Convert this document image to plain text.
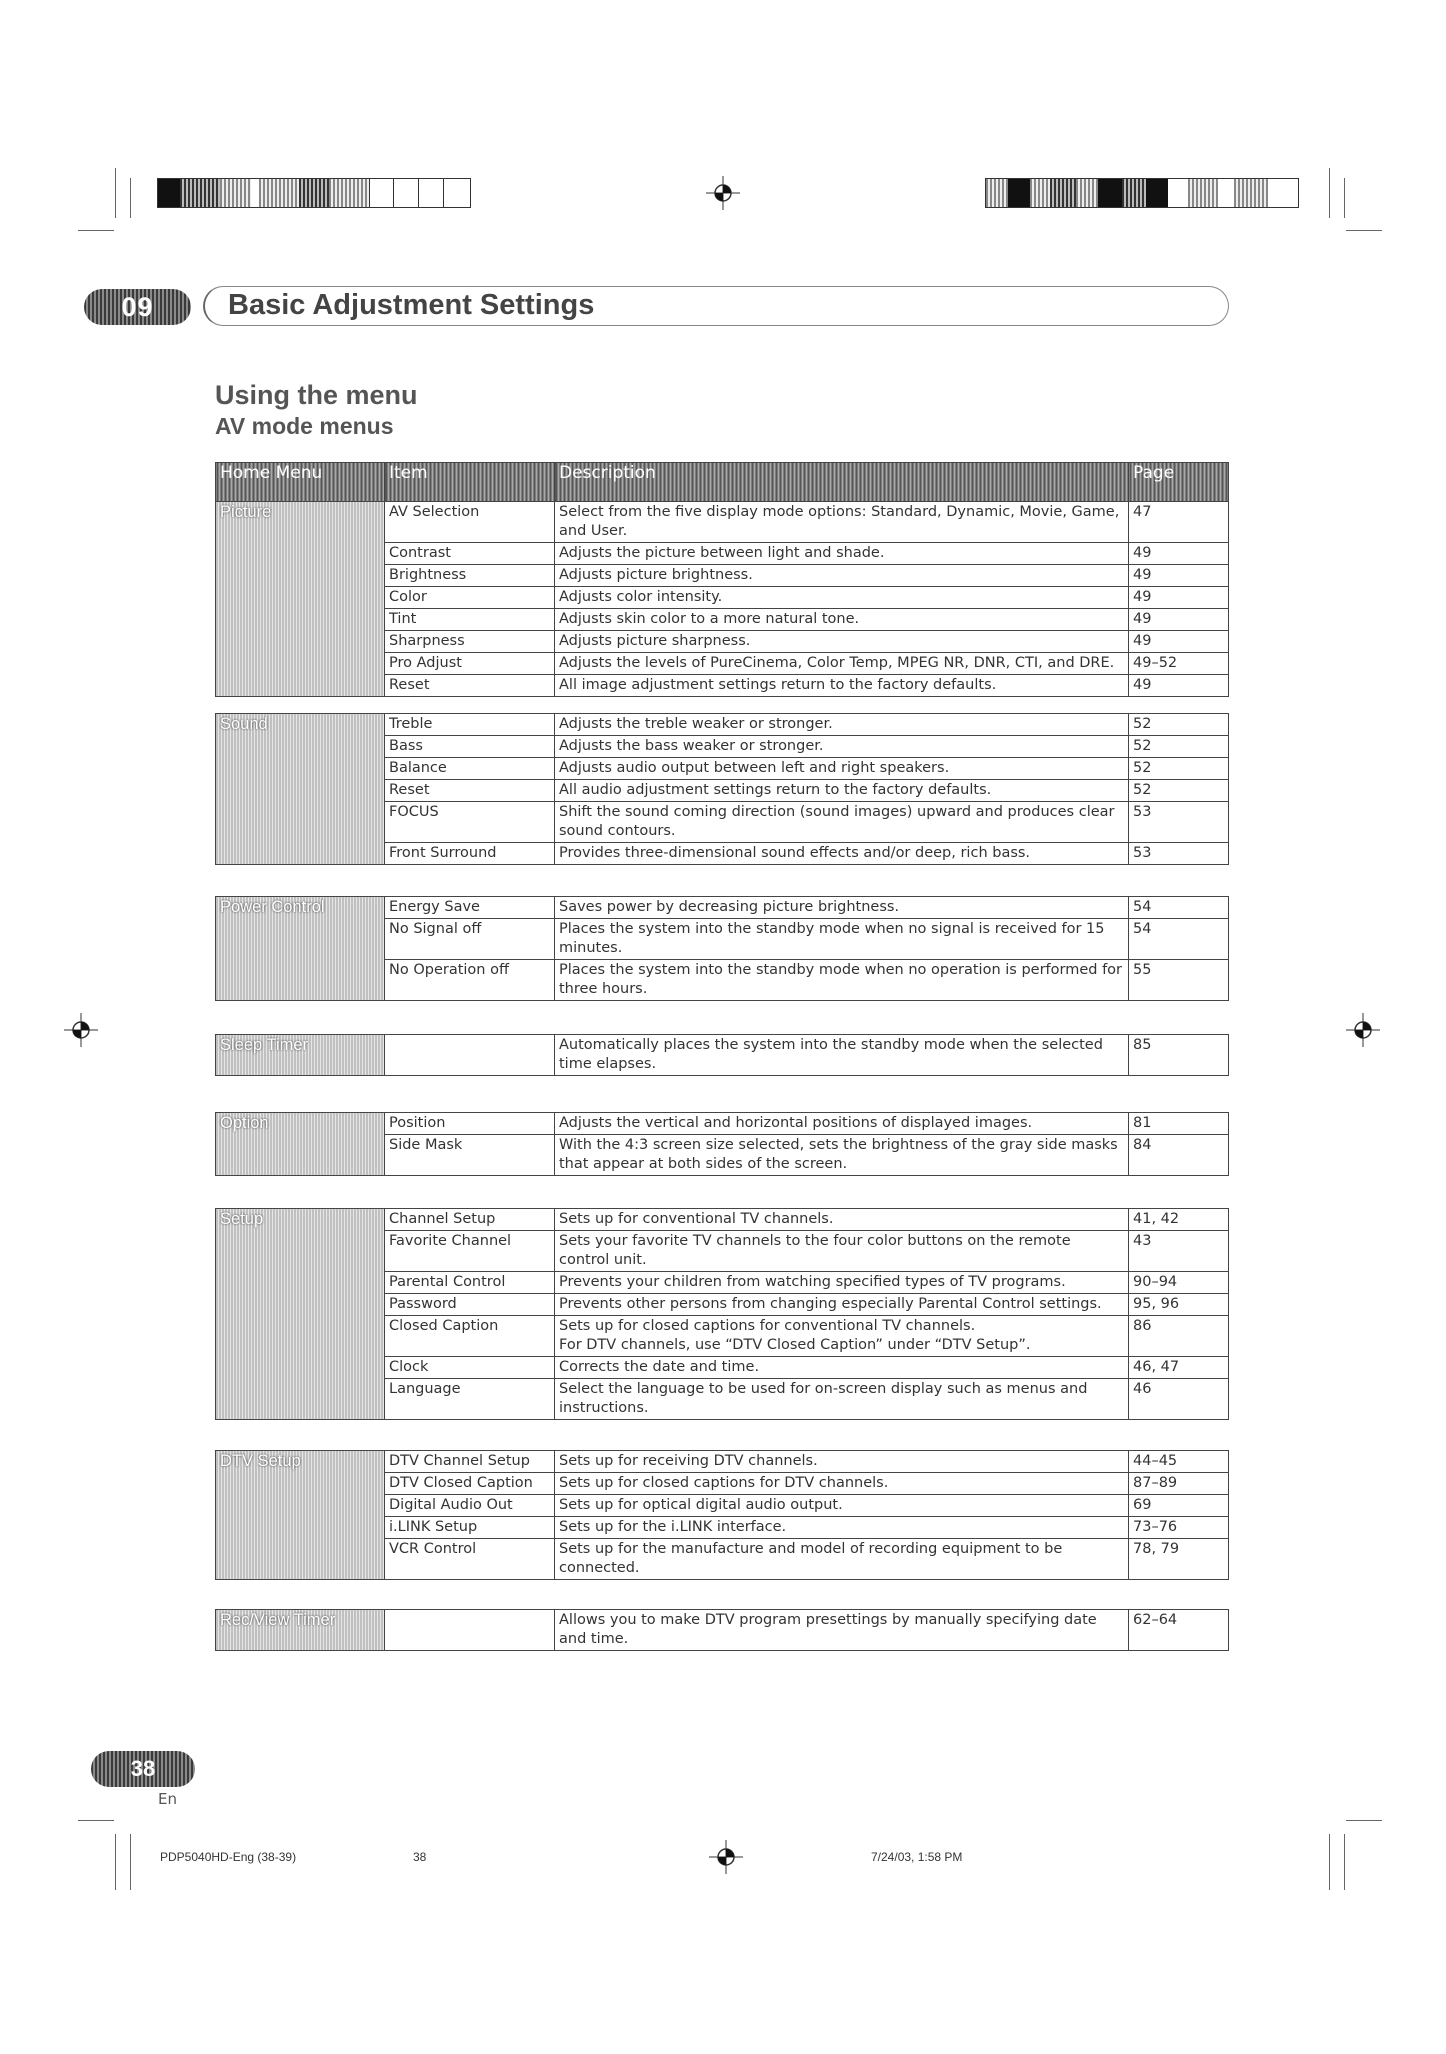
09	Basic Adjustment Settings
Using the menu
AV mode menus
Home Menu	Item	Description	Page
Picture	AV Selection	Select from the five display mode options: Standard, Dynamic, Movie, Game, and User.	47
	Contrast	Adjusts the picture between light and shade.	49
	Brightness	Adjusts picture brightness.	49
	Color	Adjusts color intensity.	49
	Tint	Adjusts skin color to a more natural tone.	49
	Sharpness	Adjusts picture sharpness.	49
	Pro Adjust	Adjusts the levels of PureCinema, Color Temp, MPEG NR, DNR, CTI, and DRE.	49–52
	Reset	All image adjustment settings return to the factory defaults.	49
Sound	Treble	Adjusts the treble weaker or stronger.	52
	Bass	Adjusts the bass weaker or stronger.	52
	Balance	Adjusts audio output between left and right speakers.	52
	Reset	All audio adjustment settings return to the factory defaults.	52
	FOCUS	Shift the sound coming direction (sound images) upward and produces clear sound contours.	53
	Front Surround	Provides three-dimensional sound effects and/or deep, rich bass.	53
Power Control	Energy Save	Saves power by decreasing picture brightness.	54
	No Signal off	Places the system into the standby mode when no signal is received for 15 minutes.	54
	No Operation off	Places the system into the standby mode when no operation is performed for three hours.	55
Sleep Timer		Automatically places the system into the standby mode when the selected time elapses.	85
Option	Position	Adjusts the vertical and horizontal positions of displayed images.	81
	Side Mask	With the 4:3 screen size selected, sets the brightness of the gray side masks that appear at both sides of the screen.	84
Setup	Channel Setup	Sets up for conventional TV channels.	41, 42
	Favorite Channel	Sets your favorite TV channels to the four color buttons on the remote control unit.	43
	Parental Control	Prevents your children from watching specified types of TV programs.	90–94
	Password	Prevents other persons from changing especially Parental Control settings.	95, 96
	Closed Caption	Sets up for closed captions for conventional TV channels.
For DTV channels, use “DTV Closed Caption” under “DTV Setup”.	86
	Clock	Corrects the date and time.	46, 47
	Language	Select the language to be used for on-screen display such as menus and instructions.	46
DTV Setup	DTV Channel Setup	Sets up for receiving DTV channels.	44–45
	DTV Closed Caption	Sets up for closed captions for DTV channels.	87–89
	Digital Audio Out	Sets up for optical digital audio output.	69
	i.LINK Setup	Sets up for the i.LINK interface.	73–76
	VCR Control	Sets up for the manufacture and model of recording equipment to be connected.	78, 79
Rec/View Timer		Allows you to make DTV program presettings by manually specifying date and time.	62–64
38
En
PDP5040HD-Eng (38-39)	38	7/24/03, 1:58 PM
